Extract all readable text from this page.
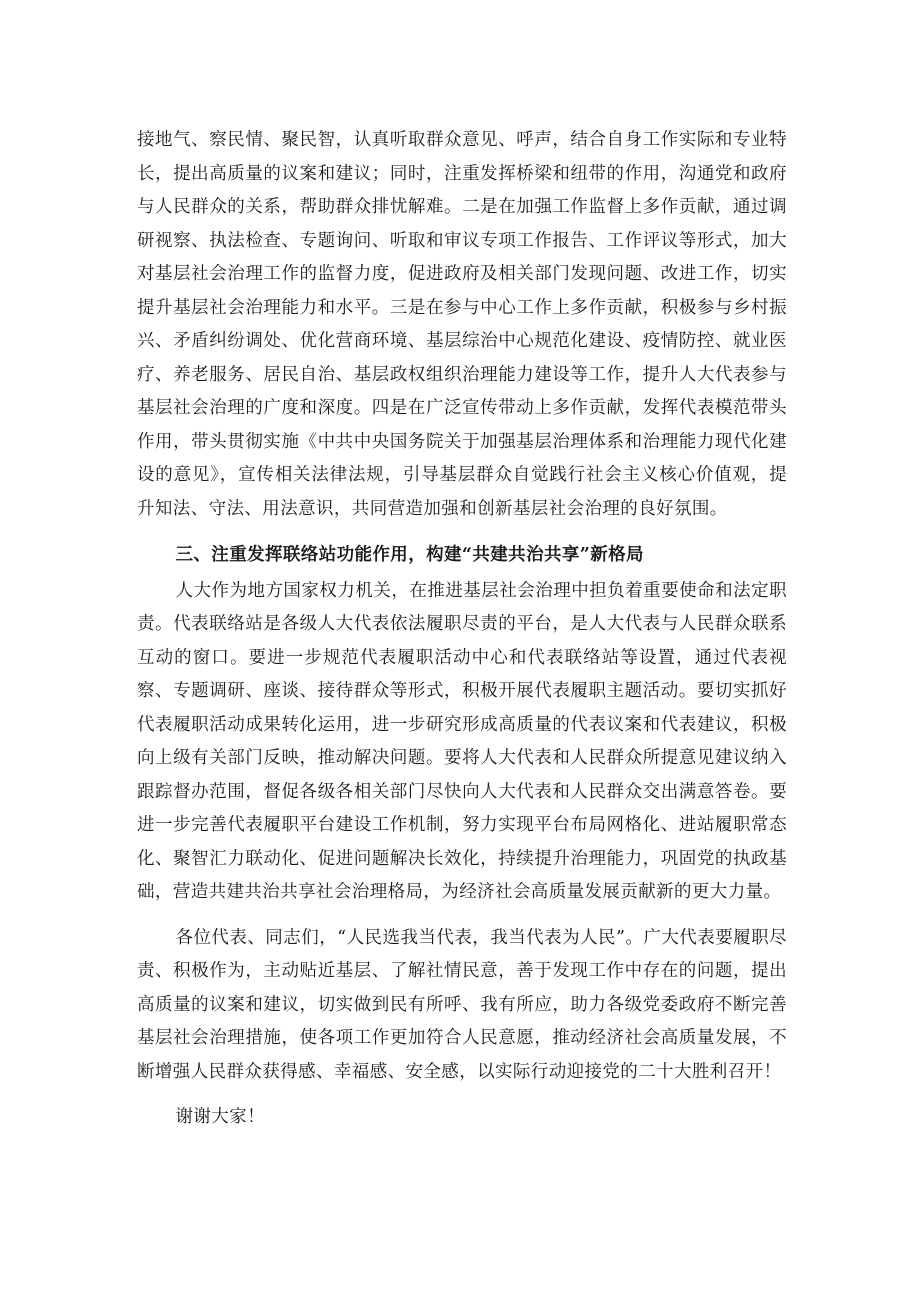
接地气、察民情、聚民智，认真听取群众意见、呼声，结合自身工作实际和专业特长，提出高质量的议案和建议；同时，注重发挥桥梁和纽带的作用，沟通党和政府与人民群众的关系，帮助群众排忧解难。二是在加强工作监督上多作贡献，通过调研视察、执法检查、专题询问、听取和审议专项工作报告、工作评议等形式，加大对基层社会治理工作的监督力度，促进政府及相关部门发现问题、改进工作，切实提升基层社会治理能力和水平。三是在参与中心工作上多作贡献，积极参与乡村振兴、矛盾纠纷调处、优化营商环境、基层综治中心规范化建设、疫情防控、就业医疗、养老服务、居民自治、基层政权组织治理能力建设等工作，提升人大代表参与基层社会治理的广度和深度。四是在广泛宣传带动上多作贡献，发挥代表模范带头作用，带头贯彻实施《中共中央国务院关于加强基层治理体系和治理能力现代化建设的意见》，宣传相关法律法规，引导基层群众自觉践行社会主义核心价值观，提升知法、守法、用法意识，共同营造加强和创新基层社会治理的良好氛围。

三、注重发挥联络站功能作用，构建“共建共治共享”新格局

人大作为地方国家权力机关，在推进基层社会治理中担负着重要使命和法定职责。代表联络站是各级人大代表依法履职尽责的平台，是人大代表与人民群众联系互动的窗口。要进一步规范代表履职活动中心和代表联络站等设置，通过代表视察、专题调研、座谈、接待群众等形式，积极开展代表履职主题活动。要切实抓好代表履职活动成果转化运用，进一步研究形成高质量的代表议案和代表建议，积极向上级有关部门反映，推动解决问题。要将人大代表和人民群众所提意见建议纳入跟踪督办范围，督促各级各相关部门尽快向人大代表和人民群众交出满意答卷。要进一步完善代表履职平台建设工作机制，努力实现平台布局网格化、进站履职常态化、聚智汇力联动化、促进问题解决长效化，持续提升治理能力，巩固党的执政基础，营造共建共治共享社会治理格局，为经济社会高质量发展贡献新的更大力量。

各位代表、同志们，“人民选我当代表，我当代表为人民”。广大代表要履职尽责、积极作为，主动贴近基层、了解社情民意，善于发现工作中存在的问题，提出高质量的议案和建议，切实做到民有所呼、我有所应，助力各级党委政府不断完善基层社会治理措施，使各项工作更加符合人民意愿，推动经济社会高质量发展，不断增强人民群众获得感、幸福感、安全感，以实际行动迎接党的二十大胜利召开！

谢谢大家！
